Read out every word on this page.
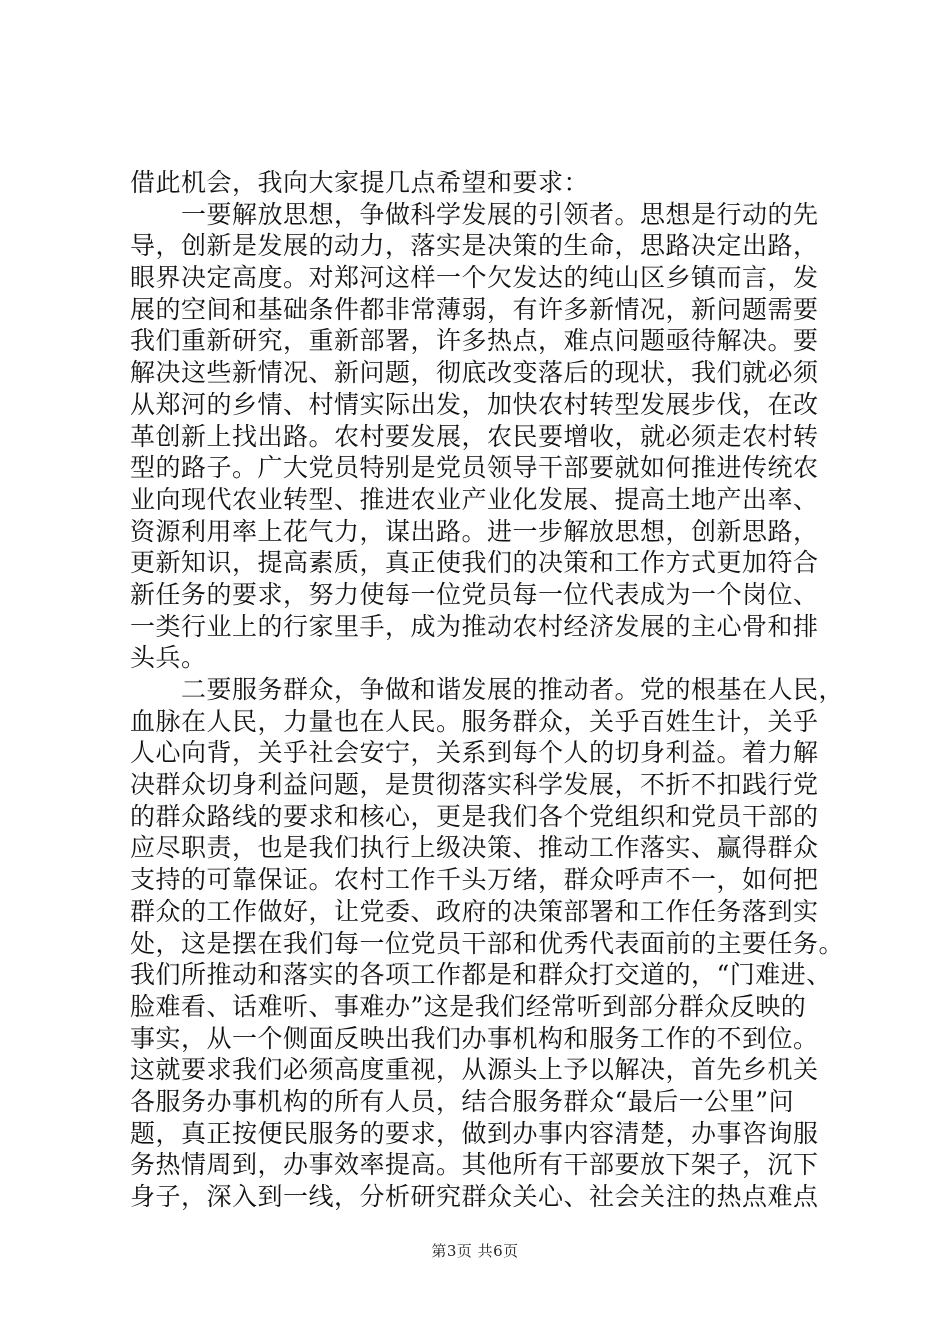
借此机会，我向大家提几点希望和要求：
　　一要解放思想，争做科学发展的引领者。思想是行动的先
导，创新是发展的动力，落实是决策的生命，思路决定出路，
眼界决定高度。对郑河这样一个欠发达的纯山区乡镇而言，发
展的空间和基础条件都非常薄弱，有许多新情况，新问题需要
我们重新研究，重新部署，许多热点，难点问题亟待解决。要
解决这些新情况、新问题，彻底改变落后的现状，我们就必须
从郑河的乡情、村情实际出发，加快农村转型发展步伐，在改
革创新上找出路。农村要发展，农民要增收，就必须走农村转
型的路子。广大党员特别是党员领导干部要就如何推进传统农
业向现代农业转型、推进农业产业化发展、提高土地产出率、
资源利用率上花气力，谋出路。进一步解放思想，创新思路，
更新知识，提高素质，真正使我们的决策和工作方式更加符合
新任务的要求，努力使每一位党员每一位代表成为一个岗位、
一类行业上的行家里手，成为推动农村经济发展的主心骨和排
头兵。
　　二要服务群众，争做和谐发展的推动者。党的根基在人民，
血脉在人民，力量也在人民。服务群众，关乎百姓生计，关乎
人心向背，关乎社会安宁，关系到每个人的切身利益。着力解
决群众切身利益问题，是贯彻落实科学发展，不折不扣践行党
的群众路线的要求和核心，更是我们各个党组织和党员干部的
应尽职责，也是我们执行上级决策、推动工作落实、赢得群众
支持的可靠保证。农村工作千头万绪，群众呼声不一，如何把
群众的工作做好，让党委、政府的决策部署和工作任务落到实
处，这是摆在我们每一位党员干部和优秀代表面前的主要任务。
我们所推动和落实的各项工作都是和群众打交道的，“门难进、
脸难看、话难听、事难办”这是我们经常听到部分群众反映的
事实，从一个侧面反映出我们办事机构和服务工作的不到位。
这就要求我们必须高度重视，从源头上予以解决，首先乡机关
各服务办事机构的所有人员，结合服务群众“最后一公里”问
题，真正按便民服务的要求，做到办事内容清楚，办事咨询服
务热情周到，办事效率提高。其他所有干部要放下架子，沉下
身子，深入到一线，分析研究群众关心、社会关注的热点难点
第3页 共6页
